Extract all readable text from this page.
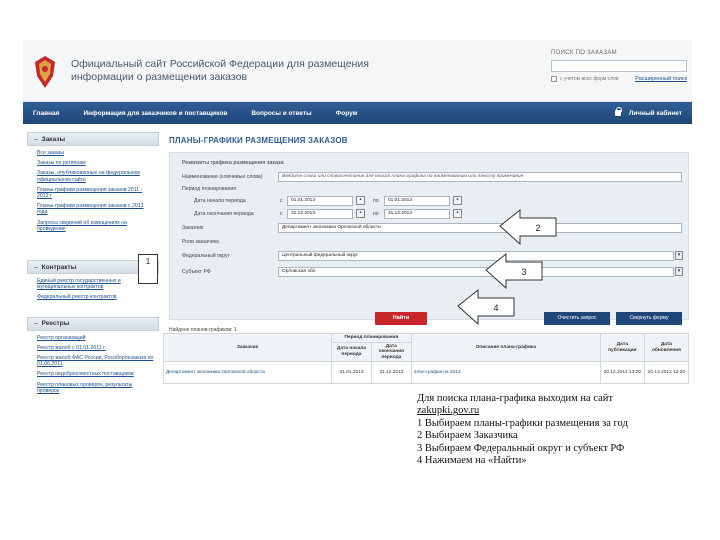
Официальный сайт Российской Федерации для размещения
информации о размещении заказов
ПОИСК ПО ЗАКАЗАМ
с учетом всех форм слов	Расширенный поиск
Главная	Информация для заказчиков и поставщиков	Вопросы и ответы	Форум	Личный кабинет
– Заказы
Все заказы
Заказы по регионам
Заказы, опубликованные на федеральном официальном сайте
Планы-графики размещения заказов 2011 - 2012 г
Планы-графики размещения заказов с 2013 года
Запросы сведений об извещениях на проведение
– Контракты
Единый реестр государственных и муниципальных контрактов
Федеральный реестр контрактов
– Реестры
Реестр организаций
Реестр жалоб с 01.01.2011 г.
Реестр жалоб ФАС России, Рособоронзаказа по 01.06.2011
Реестр недобросовестных поставщиков
Реестр плановых проверок, результаты проверок
ПЛАНЫ-ГРАФИКИ РАЗМЕЩЕНИЯ ЗАКАЗОВ
Реквизиты графика размещения заказа
Наименование (ключевые слова)	Введите слова или словосочетания для поиска плана-графика по наименованию или тексту примечания
Период планирования
Дата начала периода	с	01.01.2013	▪	по	01.01.2013	▪
Дата окончания периода	с	31.12.2013	▪	по	31.12.2013	▪
Заказчик	Департамент экономики Орловской области
Роли заказчика
Федеральный округ	Центральный федеральный округ	▾
Субъект РФ	Орловская обл	▾
Найти	Очистить запрос	Свернуть форму
Найдено планов-графиков: 1
Заказчик	Период планирования		Описание плана-графика	Дата публикации	Дата обновления
	Дата начала периода	Дата окончания периода			
Департамент экономики Орловской области	01.01.2013	31.12.2013	план-график на 2013	20.12.2012 13:20	20.12.2012 12:20
1
2
3
4
Для поиска плана-графика выходим на сайт
zakupki.gov.ru
1 Выбираем планы-графики размещения за год
2 Выбираем Заказчика
3 Выбираем Федеральный округ и субъект РФ
4 Нажимаем на «Найти»
